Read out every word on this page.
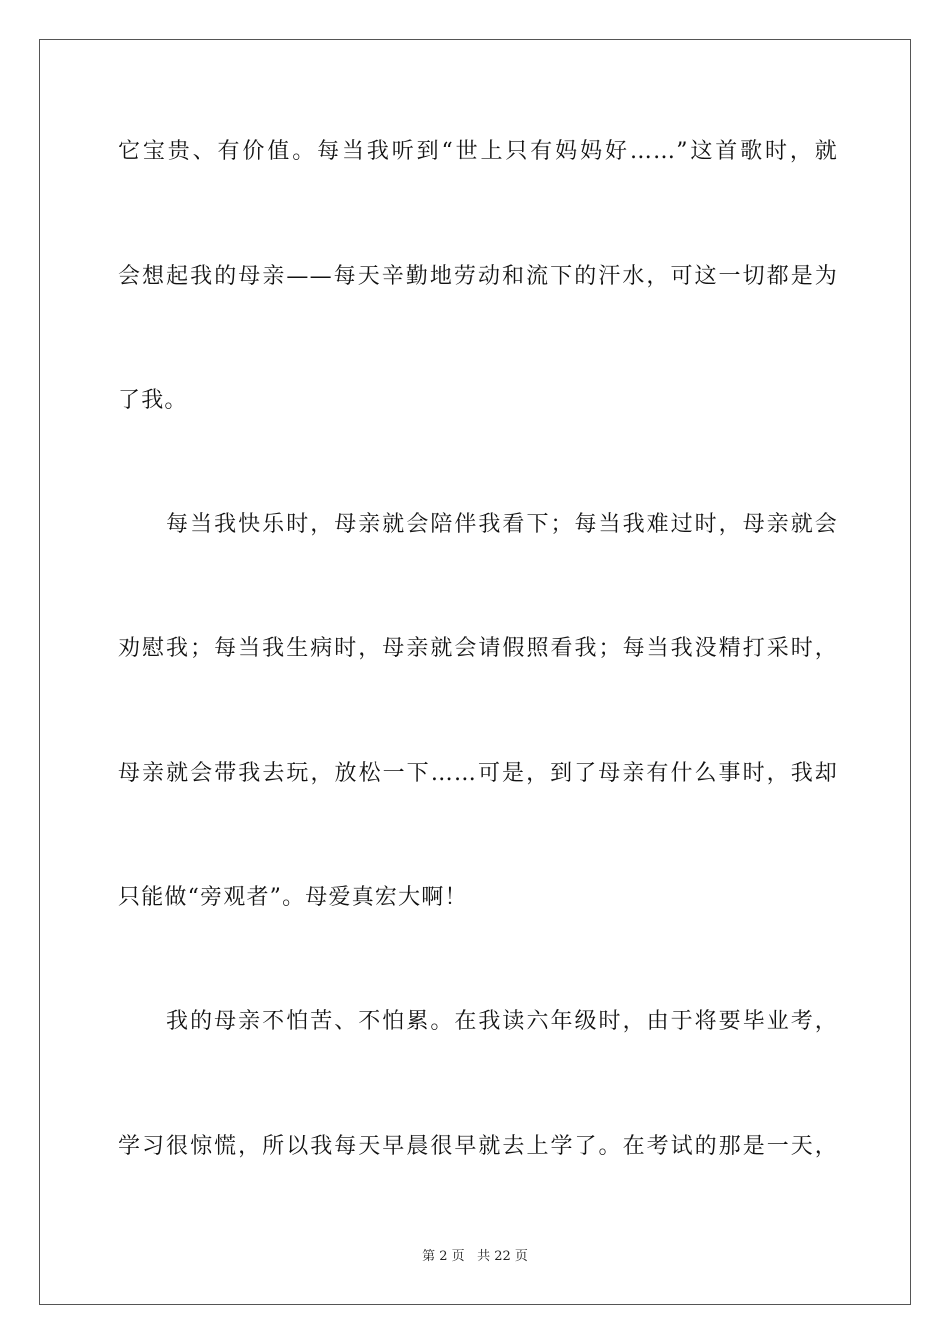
它宝贵、有价值。每当我听到“世上只有妈妈好……”这首歌时，就
会想起我的母亲——每天辛勤地劳动和流下的汗水，可这一切都是为
了我。
　　每当我快乐时，母亲就会陪伴我看下；每当我难过时，母亲就会
劝慰我；每当我生病时，母亲就会请假照看我；每当我没精打采时，
母亲就会带我去玩，放松一下……可是，到了母亲有什么事时，我却
只能做“旁观者”。母爱真宏大啊！
　　我的母亲不怕苦、不怕累。在我读六年级时，由于将要毕业考，
学习很惊慌，所以我每天早晨很早就去上学了。在考试的那是一天，
第 2 页 共 22 页
